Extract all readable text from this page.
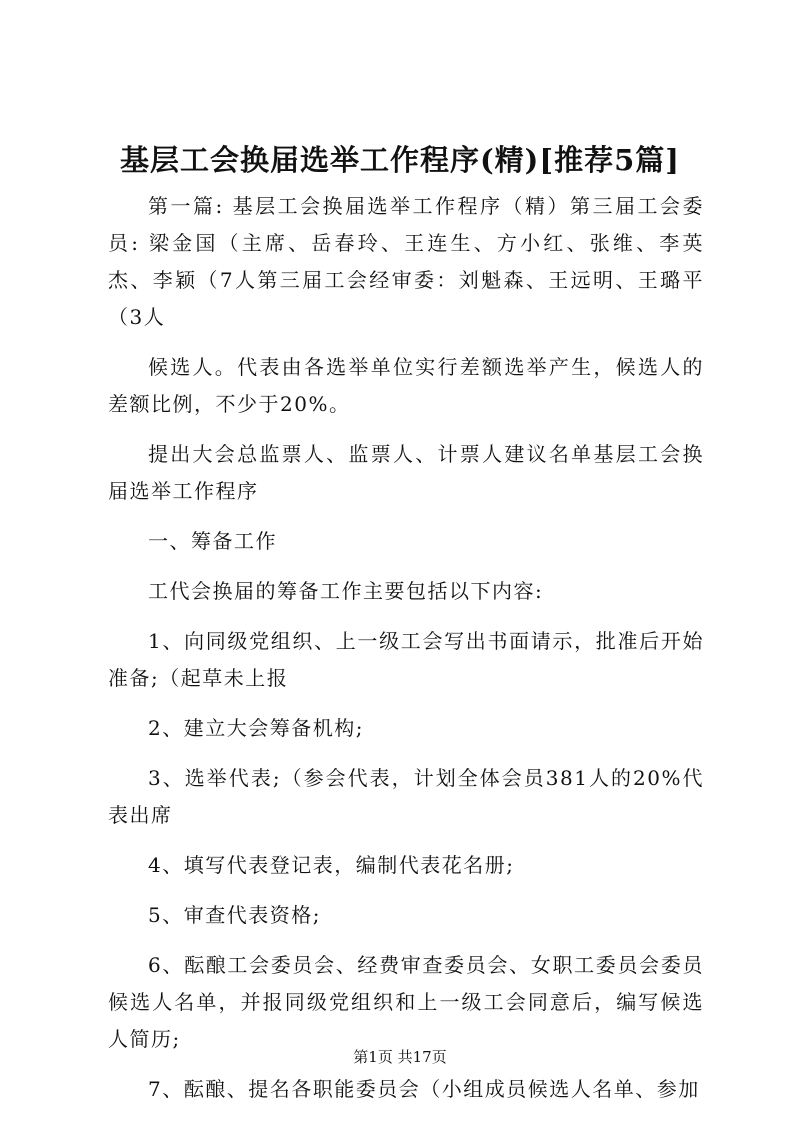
基层工会换届选举工作程序(精)[推荐5篇]

第一篇: 基层工会换届选举工作程序（精）第三届工会委员: 梁金国（主席、岳春玲、王连生、方小红、张维、李英杰、李颖（7人第三届工会经审委：刘魁森、王远明、王璐平（3人

候选人。代表由各选举单位实行差额选举产生，候选人的差额比例，不少于20%。

提出大会总监票人、监票人、计票人建议名单基层工会换届选举工作程序

一、筹备工作

工代会换届的筹备工作主要包括以下内容:

1、向同级党组织、上一级工会写出书面请示，批准后开始准备;（起草未上报

2、建立大会筹备机构;

3、选举代表;（参会代表，计划全体会员381人的20%代表出席

4、填写代表登记表，编制代表花名册;

5、审查代表资格;

6、酝酿工会委员会、经费审查委员会、女职工委员会委员候选人名单，并报同级党组织和上一级工会同意后，编写候选人简历;

7、酝酿、提名各职能委员会（小组成员候选人名单、参加

第1页 共17页
